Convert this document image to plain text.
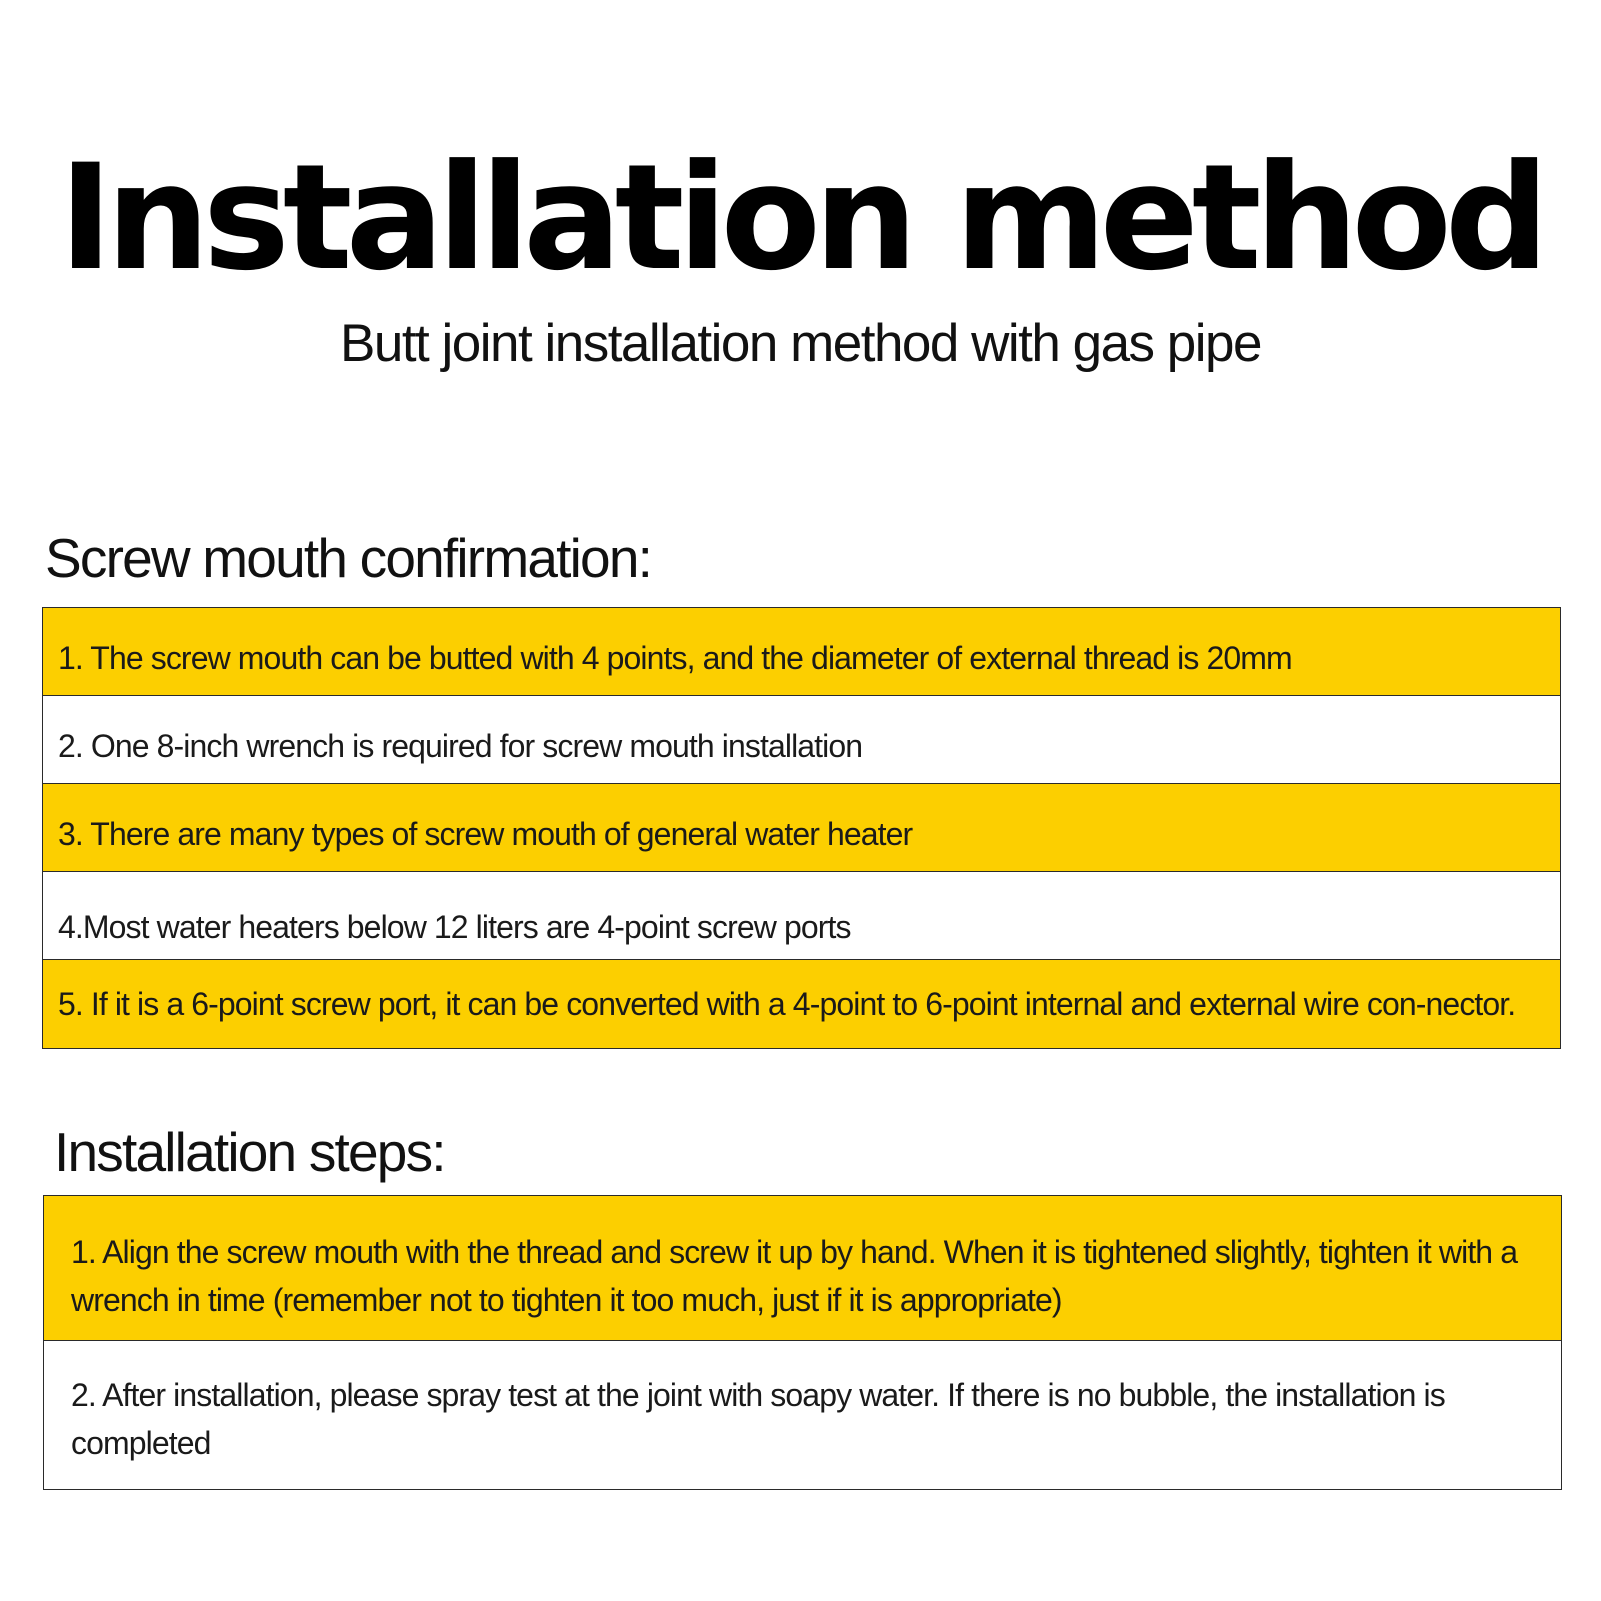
Installation method
Butt joint installation method with gas pipe
Screw mouth confirmation:
1. The screw mouth can be butted with 4 points, and the diameter of external thread is 20mm
2. One 8-inch wrench is required for screw mouth installation
3. There are many types of screw mouth of general water heater
4.Most water heaters below 12 liters are 4-point screw ports
5. If it is a 6-point screw port, it can be converted with a 4-point to 6-point internal and external wire con-nector.
Installation steps:
1. Align the screw mouth with the thread and screw it up by hand. When it is tightened slightly, tighten it with a wrench in time (remember not to tighten it too much, just if it is appropriate)
2. After installation, please spray test at the joint with soapy water. If there is no bubble, the installation is completed
